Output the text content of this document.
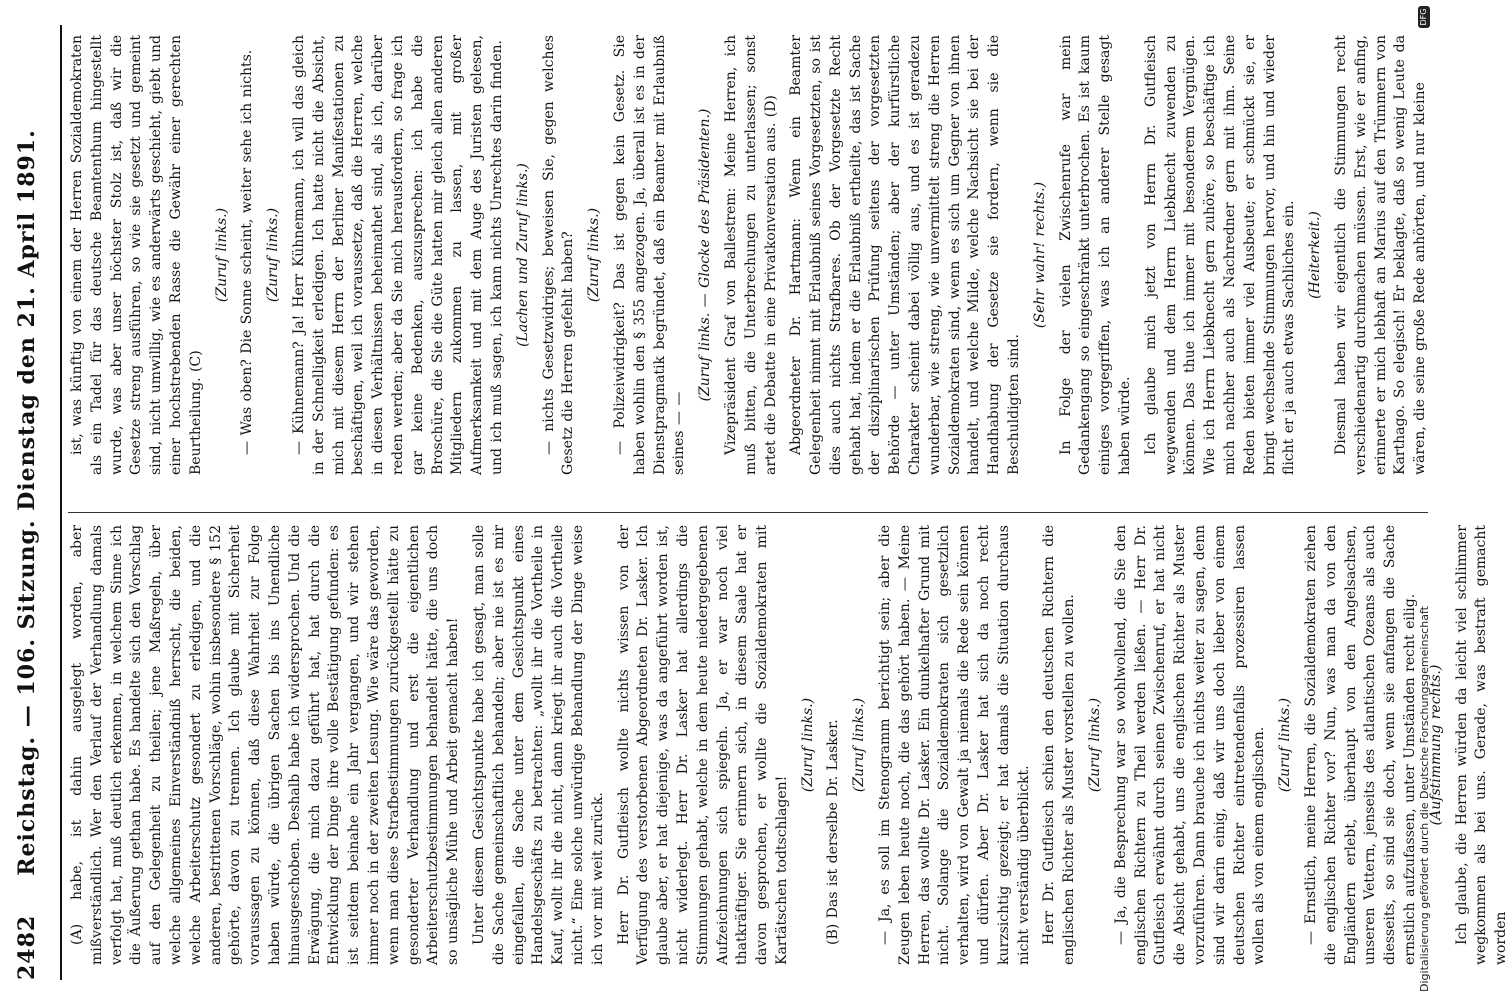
2482
Reichstag. — 106. Sitzung. Dienstag den 21. April 1891. (A) habe, ist dahin ausgelegt worden, aber mißverständlich. Wer den Verlauf der Verhandlung damals verfolgt hat, muß deutlich erkennen, in welchem Sinne ich die Äußerung gethan habe. Es handelte sich den Vorschlag auf den Gelegenheit zu theilen; jene Maßregeln, über welche allgemeines Einverständniß herrscht, die beiden, welche Arbeiterschutz gesondert zu erledigen, und die anderen, bestrittenen Vorschläge, wohin insbesondere § 152 gehörte, davon zu trennen. Ich glaube mit Sicherheit voraussagen zu können, daß diese Wahrheit zur Folge haben würde, die übrigen Sachen bis ins Unendliche hinausgeschoben. Deshalb habe ich widersprochen. Und die Erwägung, die mich dazu geführt hat, hat durch die Entwicklung der Dinge ihre volle Bestätigung gefunden: es ist seitdem beinahe ein Jahr vergangen, und wir stehen immer noch in der zweiten Lesung. Wie wäre das geworden, wenn man diese Strafbestimmungen zurückgestellt hätte zu gesonderter Verhandlung und erst die eigentlichen Arbeiterschutzbestimmungen behandelt hätte, die uns doch so unsägliche Mühe und Arbeit gemacht haben! Unter diesem Gesichtspunkte habe ich gesagt, man solle die Sache gemeinschaftlich behandeln; aber nie ist es mir eingefallen, die Sache unter dem Gesichtspunkt eines Handelsgeschäfts zu betrachten: „wollt ihr die Vortheile in Kauf, wollt ihr die nicht, dann kriegt ihr auch die Vortheile nicht.“ Eine solche unwürdige Behandlung der Dinge weise ich vor mit weit zurück. Herr Dr. Gutfleisch wollte nichts wissen von der Verfügung des verstorbenen Abgeordneten Dr. Lasker. Ich glaube aber, er hat diejenige, was da angeführt worden ist, nicht widerlegt. Herr Dr. Lasker hat allerdings die Stimmungen gehabt, welche in dem heute niedergegebenen Aufzeichnungen sich spiegeln. Ja, er war noch viel thatkräftiger. Sie erinnern sich, in diesem Saale hat er davon gesprochen, er wollte die Sozialdemokraten mit Kartätschen todtschlagen!

(Zuruf links.) (B) Das ist derselbe Dr. Lasker. (Zuruf links.) — Ja, es soll im Stenogramm berichtigt sein; aber die Zeugen leben heute noch, die das gehört haben. — Meine Herren, das wollte Dr. Lasker. Ein dunkelhafter Grund mit nicht. Solange die Sozialdemokraten sich gesetzlich verhalten, wird von Gewalt ja niemals die Rede sein können und dürfen. Aber Dr. Lasker hat sich da noch recht kurzsichtig gezeigt; er hat damals die Situation durchaus nicht verständig überblickt. Herr Dr. Gutfleisch schien den deutschen Richtern die englischen Richter als Muster vorstellen zu wollen. (Zuruf links.) — Ja, die Besprechung war so wohlwollend, die Sie den englischen Richtern zu Theil werden ließen. — Herr Dr. Gutfleisch erwähnt durch seinen Zwischenruf, er hat nicht die Absicht gehabt, uns die englischen Richter als Muster vorzuführen. Dann brauche ich nichts weiter zu sagen, denn sind wir darin einig, daß wir uns doch lieber von einem deutschen Richter eintretendenfalls prozessiren lassen wollen als von einem englischen. (Zuruf links.) — Ernstlich, meine Herren, die Sozialdemokraten ziehen die englischen Richter vor? Nun, was man da von den Engländern erlebt, überhaupt von den Angelsachsen, unseren Vettern, jenseits des atlantischen Ozeans als auch diesseits, so sind sie doch, wenn sie anfangen die Sache ernstlich aufzufassen, unter Umständen recht eilig. (Aufstimmung rechts.) Ich glaube, die Herren würden da leicht viel schlimmer wegkommen als bei uns. Gerade, was bestraft gemacht worden

ist, was künftig von einem der Herren Sozialdemokraten als ein Tadel für das deutsche Beamtenthum hingestellt wurde, was aber unser höchster Stolz ist, daß wir die Gesetze streng ausführen, so wie sie gesetzt und gemeint sind, nicht umwillig, wie es anderwärts geschieht, giebt und einer hochstrebenden Rasse die Gewähr einer gerechten Beurtheilung. (C)

(Zuruf links.) — Was oben? Die Sonne scheint, weiter sehe ich nichts. (Zuruf links.) — Kühnemann? Ja! Herr Kühnemann, ich will das gleich in der Schnelligkeit erledigen. Ich hatte nicht die Absicht, mich mit diesem Herrn der Berliner Manifestationen zu beschäftigen, weil ich voraussetze, daß die Herren, welche in diesen Verhältnissen beheimathet sind, als ich, darüber reden werden; aber da Sie mich herausfordern, so frage ich gar keine Bedenken, auszusprechen: ich habe die Broschüre, die Sie die Güte hatten mir gleich allen anderen Mitgliedern zukommen zu lassen, mit großer Aufmerksamkeit und mit dem Auge des Juristen gelesen, und ich muß sagen, ich kann nichts Unrechtes darin finden. (Lachen und Zuruf links.) — nichts Gesetzwidriges; beweisen Sie, gegen welches Gesetz die Herren gefehlt haben? (Zuruf links.) — Polizeiwidrigkeit? Das ist gegen kein Gesetz. Sie haben wohlin den § 355 angezogen. Ja, überall ist es in der Dienstpragmatik begründet, daß ein Beamter mit Erlaubniß seines — —

(Zuruf links. — Glocke des Präsidenten.) Vizepräsident Graf von Ballestrem: Meine Herren, ich muß bitten, die Unterbrechungen zu unterlassen; sonst artet die Debatte in eine Privatkonversation aus. (D) Abgeordneter Dr. Hartmann: Wenn ein Beamter Gelegenheit nimmt mit Erlaubniß seines Vorgesetzten, so ist dies auch nichts Strafbares. Ob der Vorgesetzte Recht gehabt hat, indem er die Erlaubniß ertheilte, das ist Sache der disziplinarischen Prüfung seitens der vorgesetzten Behörde — unter Umständen; aber der kurfürstliche Charakter scheint dabei völlig aus, und es ist geradezu wunderbar, wie streng, wie unvermittelt streng die Herren Sozialdemokraten sind, wenn es sich um Gegner von ihnen handelt, und welche Milde, welche Nachsicht sie bei der Handhabung der Gesetze sie fordern, wenn sie die Beschuldigten sind.

(Sehr wahr! rechts.) In Folge der vielen Zwischenrufe war mein Gedankengang so eingeschränkt unterbrochen. Es ist kaum einiges vorgegriffen, was ich an anderer Stelle gesagt haben würde. Ich glaube mich jetzt von Herrn Dr. Gutfleisch wegwenden und dem Herrn Liebknecht zuwenden zu können. Das thue ich immer mit besonderem Vergnügen. Wie ich Herrn Liebknecht gern zuhöre, so beschäftige ich mich nachher auch als Nachredner gern mit ihm. Seine Reden bieten immer viel Ausbeute; er schmückt sie, er bringt wechselnde Stimmungen hervor, und hin und wieder flicht er ja auch etwas Sachliches ein. (Heiterkeit.) Diesmal haben wir eigentlich die Stimmungen recht verschiedenartig durchmachen müssen. Erst, wie er anfing, erinnerte er mich lebhaft an Marius auf den Trümmern von Karthago. So elegisch! Er beklagte, daß so wenig Leute da wären, die seine große Rede anhörten, und nur kleine

Digitalisierung gefördert durch die Deutsche Forschungsgemeinschaft
DFG
